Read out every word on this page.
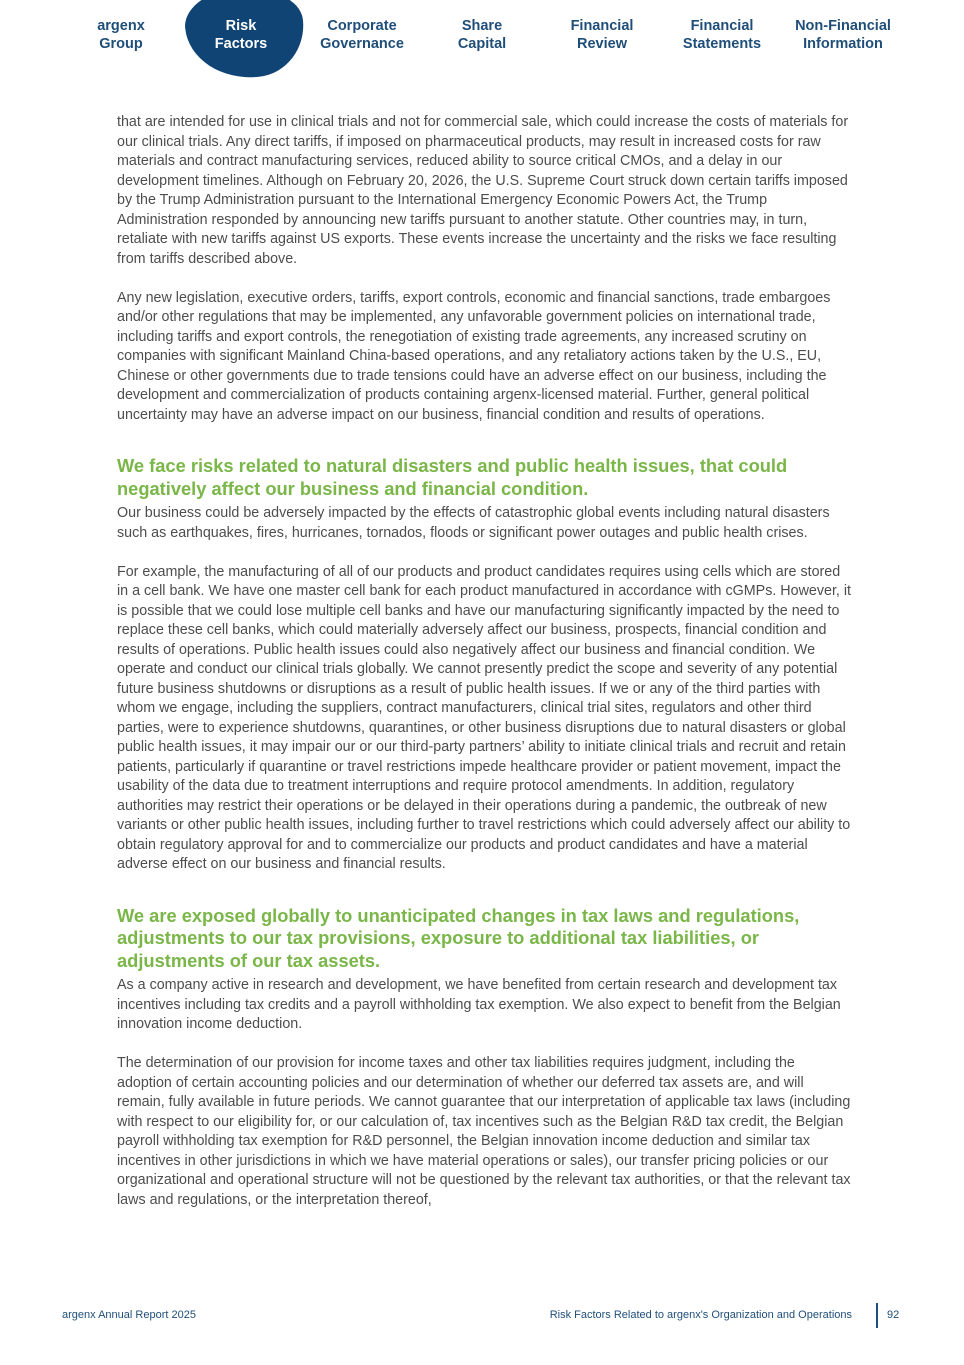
argenx
Group
Risk
Factors
Corporate
Governance
Share
Capital
Financial
Review
Financial
Statements
Non-Financial
Information

that are intended for use in clinical trials and not for commercial sale, which could increase the costs of materials for our clinical trials. Any direct tariffs, if imposed on pharmaceutical products, may result in increased costs for raw materials and contract manufacturing services, reduced ability to source critical CMOs, and a delay in our development timelines. Although on February 20, 2026, the U.S. Supreme Court struck down certain tariffs imposed by the Trump Administration pursuant to the International Emergency Economic Powers Act, the Trump Administration responded by announcing new tariffs pursuant to another statute. Other countries may, in turn, retaliate with new tariffs against US exports. These events increase the uncertainty and the risks we face resulting from tariffs described above.

Any new legislation, executive orders, tariffs, export controls, economic and financial sanctions, trade embargoes and/or other regulations that may be implemented, any unfavorable government policies on international trade, including tariffs and export controls, the renegotiation of existing trade agreements, any increased scrutiny on companies with significant Mainland China-based operations, and any retaliatory actions taken by the U.S., EU, Chinese or other governments due to trade tensions could have an adverse effect on our business, including the development and commercialization of products containing argenx-licensed material. Further, general political uncertainty may have an adverse impact on our business, financial condition and results of operations.

We face risks related to natural disasters and public health issues, that could negatively affect our business and financial condition.

Our business could be adversely impacted by the effects of catastrophic global events including natural disasters such as earthquakes, fires, hurricanes, tornados, floods or significant power outages and public health crises.

For example, the manufacturing of all of our products and product candidates requires using cells which are stored in a cell bank. We have one master cell bank for each product manufactured in accordance with cGMPs. However, it is possible that we could lose multiple cell banks and have our manufacturing significantly impacted by the need to replace these cell banks, which could materially adversely affect our business, prospects, financial condition and results of operations. Public health issues could also negatively affect our business and financial condition. We operate and conduct our clinical trials globally. We cannot presently predict the scope and severity of any potential future business shutdowns or disruptions as a result of public health issues. If we or any of the third parties with whom we engage, including the suppliers, contract manufacturers, clinical trial sites, regulators and other third parties, were to experience shutdowns, quarantines, or other business disruptions due to natural disasters or global public health issues, it may impair our or our third-party partners’ ability to initiate clinical trials and recruit and retain patients, particularly if quarantine or travel restrictions impede healthcare provider or patient movement, impact the usability of the data due to treatment interruptions and require protocol amendments. In addition, regulatory authorities may restrict their operations or be delayed in their operations during a pandemic, the outbreak of new variants or other public health issues, including further to travel restrictions which could adversely affect our ability to obtain regulatory approval for and to commercialize our products and product candidates and have a material adverse effect on our business and financial results.

We are exposed globally to unanticipated changes in tax laws and regulations, adjustments to our tax provisions, exposure to additional tax liabilities, or adjustments of our tax assets.

As a company active in research and development, we have benefited from certain research and development tax incentives including tax credits and a payroll withholding tax exemption. We also expect to benefit from the Belgian innovation income deduction.

The determination of our provision for income taxes and other tax liabilities requires judgment, including the adoption of certain accounting policies and our determination of whether our deferred tax assets are, and will remain, fully available in future periods. We cannot guarantee that our interpretation of applicable tax laws (including with respect to our eligibility for, or our calculation of, tax incentives such as the Belgian R&D tax credit, the Belgian payroll withholding tax exemption for R&D personnel, the Belgian innovation income deduction and similar tax incentives in other jurisdictions in which we have material operations or sales), our transfer pricing policies or our organizational and operational structure will not be questioned by the relevant tax authorities, or that the relevant tax laws and regulations, or the interpretation thereof,

argenx Annual Report 2025	Risk Factors Related to argenx's Organization and Operations	92
